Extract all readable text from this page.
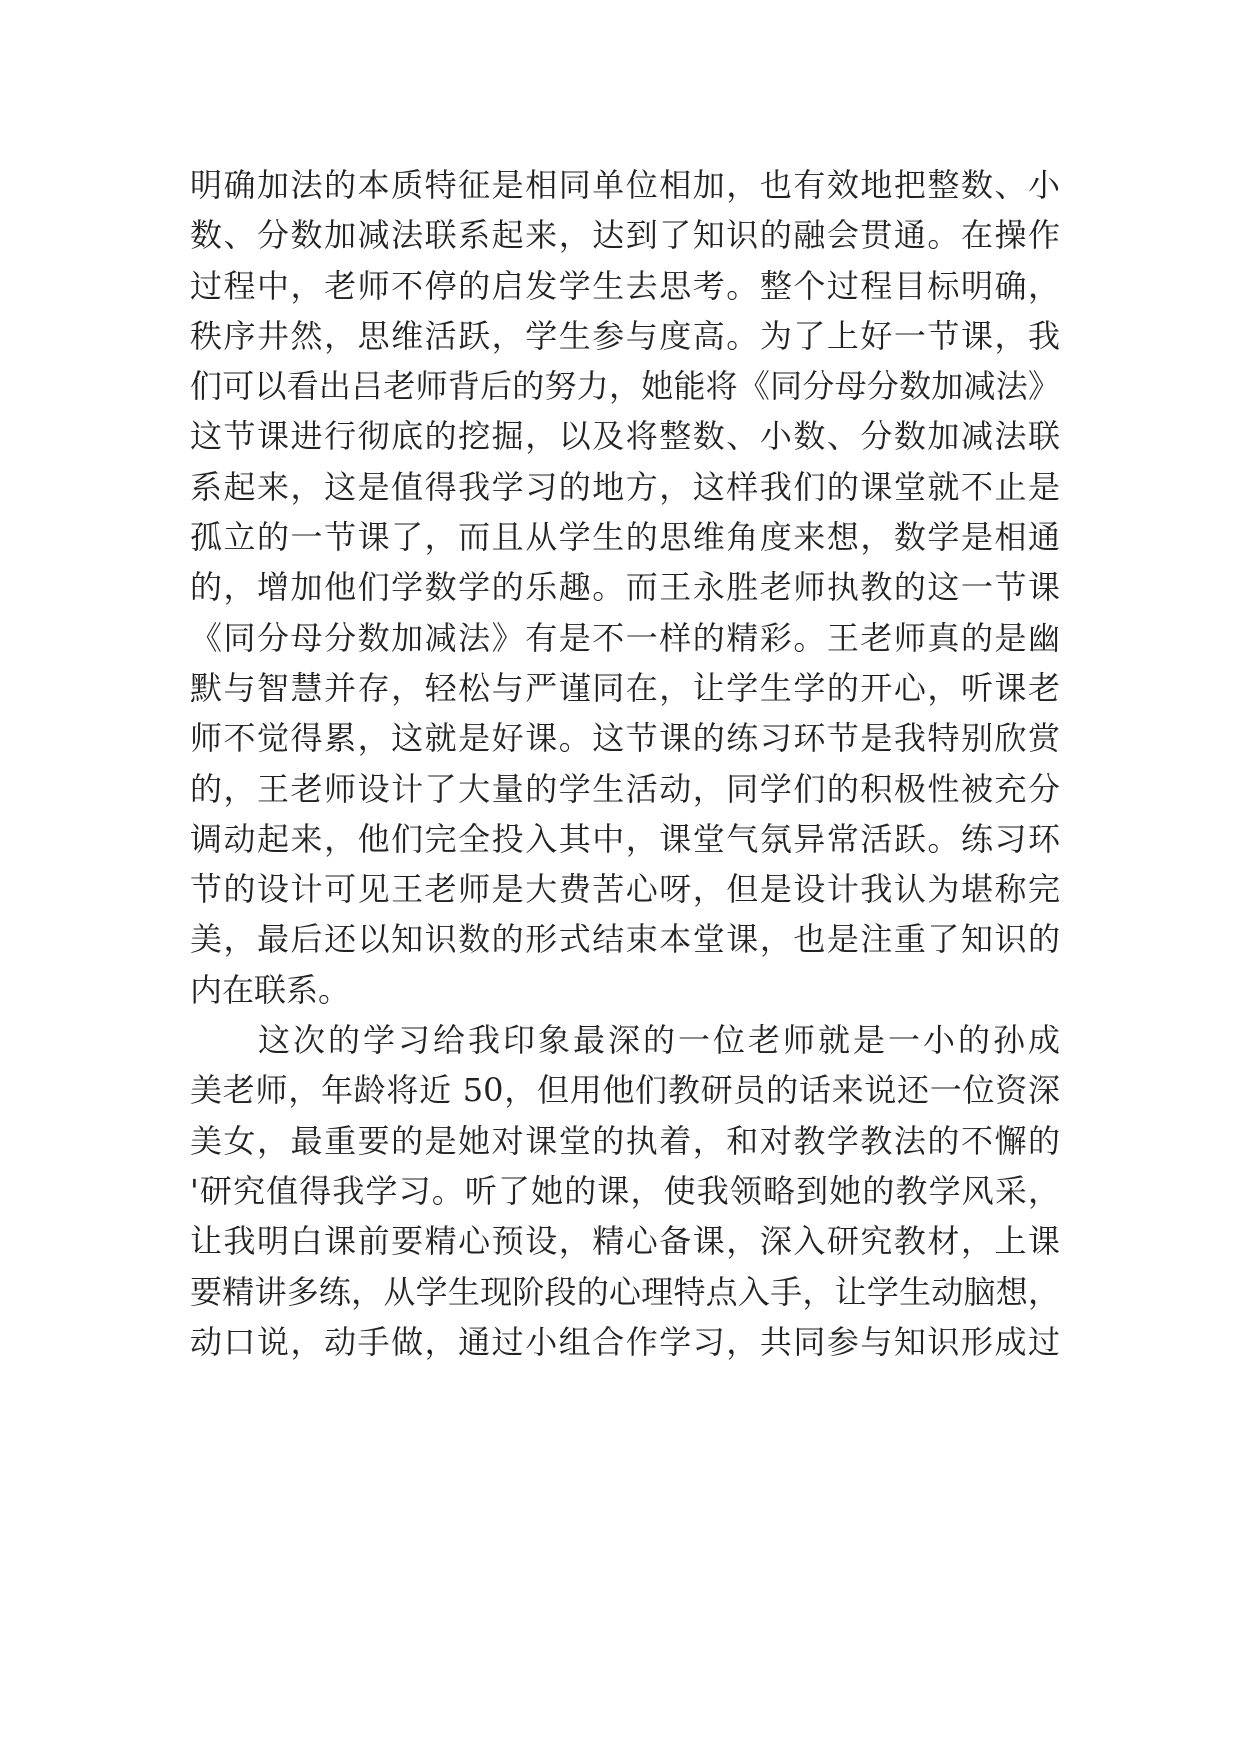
明确加法的本质特征是相同单位相加，也有效地把整数、小
数、分数加减法联系起来，达到了知识的融会贯通。在操作
过程中，老师不停的启发学生去思考。整个过程目标明确，
秩序井然，思维活跃，学生参与度高。为了上好一节课，我
们可以看出吕老师背后的努力，她能将《同分母分数加减法》
这节课进行彻底的挖掘，以及将整数、小数、分数加减法联
系起来，这是值得我学习的地方，这样我们的课堂就不止是
孤立的一节课了，而且从学生的思维角度来想，数学是相通
的，增加他们学数学的乐趣。而王永胜老师执教的这一节课
《同分母分数加减法》有是不一样的精彩。王老师真的是幽
默与智慧并存，轻松与严谨同在，让学生学的开心，听课老
师不觉得累，这就是好课。这节课的练习环节是我特别欣赏
的，王老师设计了大量的学生活动，同学们的积极性被充分
调动起来，他们完全投入其中，课堂气氛异常活跃。练习环
节的设计可见王老师是大费苦心呀，但是设计我认为堪称完
美，最后还以知识数的形式结束本堂课，也是注重了知识的
内在联系。
这次的学习给我印象最深的一位老师就是一小的孙成
美老师，年龄将近 50，但用他们教研员的话来说还一位资深
美女，最重要的是她对课堂的执着，和对教学教法的不懈的
'研究值得我学习。听了她的课，使我领略到她的教学风采，
让我明白课前要精心预设，精心备课，深入研究教材，上课
要精讲多练，从学生现阶段的心理特点入手，让学生动脑想，
动口说，动手做，通过小组合作学习，共同参与知识形成过
